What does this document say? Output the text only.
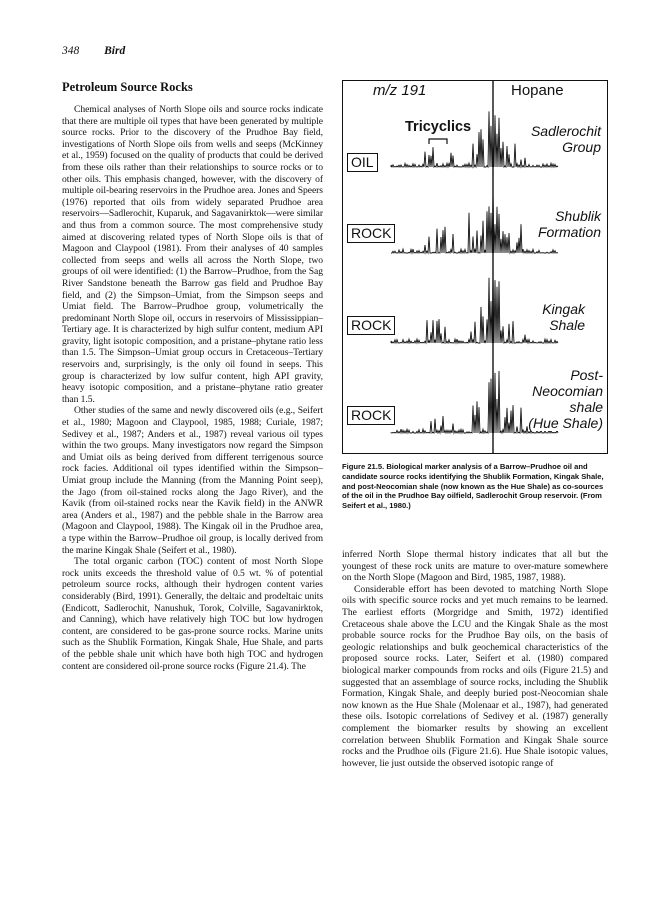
348 Bird
Petroleum Source Rocks

Chemical analyses of North Slope oils and source rocks indicate that there are multiple oil types that have been generated by multiple source rocks. Prior to the discovery of the Prudhoe Bay field, investigations of North Slope oils from wells and seeps (McKinney et al., 1959) focused on the quality of products that could be derived from these oils rather than their relationships to source rocks or to other oils. This emphasis changed, however, with the discovery of multiple oil-bearing reservoirs in the Prudhoe area. Jones and Speers (1976) reported that oils from widely separated Prudhoe area reservoirs—Sadlerochit, Kuparuk, and Sagavanirktok—were similar and thus from a common source. The most comprehensive study aimed at discovering related types of North Slope oils is that of Magoon and Claypool (1981). From their analyses of 40 samples collected from seeps and wells all across the North Slope, two groups of oil were identified: (1) the Barrow–Prudhoe, from the Sag River Sandstone beneath the Barrow gas field and Prudhoe Bay field, and (2) the Simpson–Umiat, from the Simpson seeps and Umiat field. The Barrow–Prudhoe group, volumetrically the predominant North Slope oil, occurs in reservoirs of Mississippian–Tertiary age. It is characterized by high sulfur content, medium API gravity, light isotopic composition, and a pristane–phytane ratio less than 1.5. The Simpson–Umiat group occurs in Cretaceous–Tertiary reservoirs and, surprisingly, is the only oil found in seeps. This group is characterized by low sulfur content, high API gravity, heavy isotopic composition, and a pristane–phytane ratio greater than 1.5.

Other studies of the same and newly discovered oils (e.g., Seifert et al., 1980; Magoon and Claypool, 1985, 1988; Curiale, 1987; Sedivey et al., 1987; Anders et al., 1987) reveal various oil types within the two groups. Many investigators now regard the Simpson and Umiat oils as being derived from different terrigenous source rock facies. Additional oil types identified within the Simpson–Umiat group include the Manning (from the Manning Point seep), the Jago (from oil-stained rocks along the Jago River), and the Kavik (from oil-stained rocks near the Kavik field) in the ANWR area (Anders et al., 1987) and the pebble shale in the Barrow area (Magoon and Claypool, 1988). The Kingak oil in the Prudhoe area, a type within the Barrow–Prudhoe oil group, is locally derived from the marine Kingak Shale (Seifert et al., 1980).

The total organic carbon (TOC) content of most North Slope rock units exceeds the threshold value of 0.5 wt. % of potential petroleum source rocks, although their hydrogen content varies considerably (Bird, 1991). Generally, the deltaic and prodeltaic units (Endicott, Sadlerochit, Nanushuk, Torok, Colville, Sagavanirktok, and Canning), which have relatively high TOC but low hydrogen content, are considered to be gas-prone source rocks. Marine units such as the Shublik Formation, Kingak Shale, Hue Shale, and parts of the pebble shale unit which have both high TOC and hydrogen content are considered oil-prone source rocks (Figure 21.4). The

m/z 191	Hopane
Tricyclics
OIL
Sadlerochit
Group
ROCK
Shublik
Formation
ROCK
Kingak
Shale
ROCK
Post-
Neocomian
shale
(Hue Shale)

Figure 21.5. Biological marker analysis of a Barrow–Prudhoe oil and candidate source rocks identifying the Shublik Formation, Kingak Shale, and post-Neocomian shale (now known as the Hue Shale) as co-sources of the oil in the Prudhoe Bay oilfield, Sadlerochit Group reservoir. (From Seifert et al., 1980.)

inferred North Slope thermal history indicates that all but the youngest of these rock units are mature to over-mature somewhere on the North Slope (Magoon and Bird, 1985, 1987, 1988).

Considerable effort has been devoted to matching North Slope oils with specific source rocks and yet much remains to be learned. The earliest efforts (Morgridge and Smith, 1972) identified Cretaceous shale above the LCU and the Kingak Shale as the most probable source rocks for the Prudhoe Bay oils, on the basis of geologic relationships and bulk geochemical characteristics of the proposed source rocks. Later, Seifert et al. (1980) compared biological marker compounds from rocks and oils (Figure 21.5) and suggested that an assemblage of source rocks, including the Shublik Formation, Kingak Shale, and deeply buried post-Neocomian shale now known as the Hue Shale (Molenaar et al., 1987), had generated these oils. Isotopic correlations of Sedivey et al. (1987) generally complement the biomarker results by showing an excellent correlation between Shublik Formation and Kingak Shale source rocks and the Prudhoe oils (Figure 21.6). Hue Shale isotopic values, however, lie just outside the observed isotopic range of
